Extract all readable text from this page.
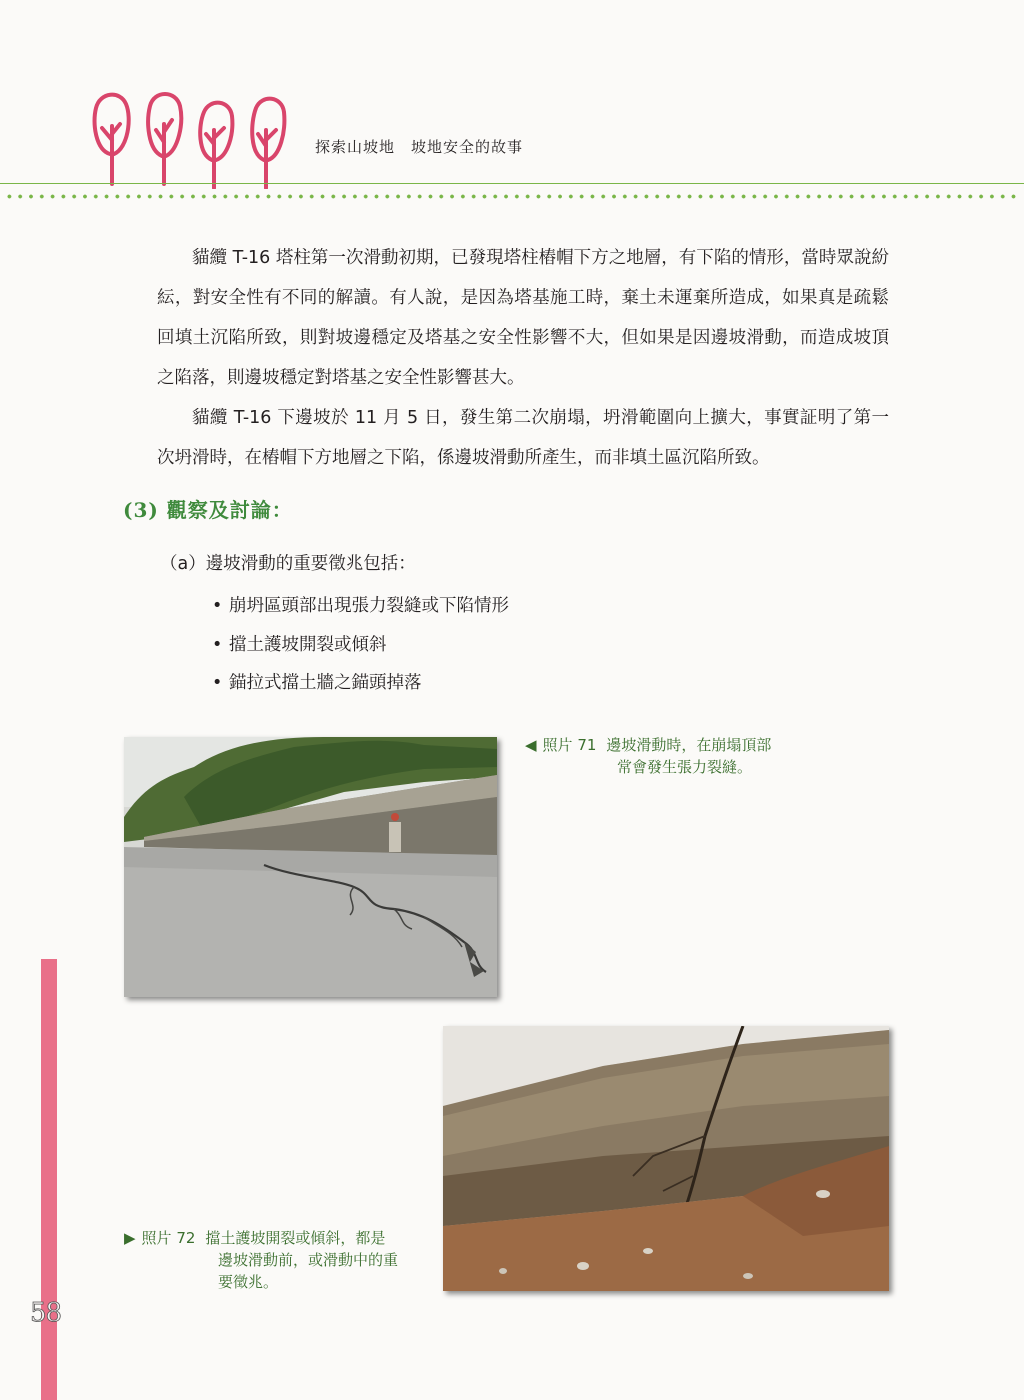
探索山坡地　坡地安全的故事

貓纜 T-16 塔柱第一次滑動初期，已發現塔柱樁帽下方之地層，有下陷的情形，當時眾說紛紜，對安全性有不同的解讀。有人說，是因為塔基施工時，棄土未運棄所造成，如果真是疏鬆回填土沉陷所致，則對坡邊穩定及塔基之安全性影響不大，但如果是因邊坡滑動，而造成坡頂之陷落，則邊坡穩定對塔基之安全性影響甚大。

貓纜 T-16 下邊坡於 11 月 5 日，發生第二次崩塌，坍滑範圍向上擴大，事實証明了第一次坍滑時，在樁帽下方地層之下陷，係邊坡滑動所產生，而非填土區沉陷所致。

(3) 觀察及討論：
（a）邊坡滑動的重要徵兆包括：
• 崩坍區頭部出現張力裂縫或下陷情形
• 擋土護坡開裂或傾斜
• 錨拉式擋土牆之錨頭掉落
◀ 照片 71 邊坡滑動時，在崩塌頂部
常會發生張力裂縫。
▶ 照片 72 擋土護坡開裂或傾斜，都是
邊坡滑動前，或滑動中的重
要徵兆。
58
